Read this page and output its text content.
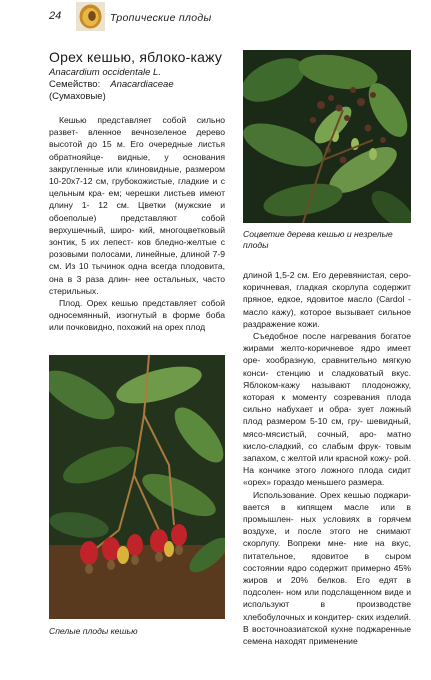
24	Тропические плоды
Орех кешью, яблоко-кажу
Anacardium occidentale L.
Семейство: Anacardiaceae
(Сумаховые)

Кешью представляет собой сильно развет- вленное вечнозеленое дерево высотой до 15 м. Его очередные листья обратнояйце- видные, у основания закругленные или клиновидные, размером 10-20х7-12 см, грубокожистые, гладкие и с цельным кра- ем; черешки листьев имеют длину 1- 12 см. Цветки (мужские и обоеполые)	представляют собой верхушечный, широ- кий, многоцветковый зонтик, 5 их лепест- ков бледно-желтые с розовыми полосами, линейные, длиной 7-9 см. Из 10 тычинок одна всегда плодовита, она в 3 раза длин- нее остальных, часто стерильных.

Плод. Орех кешью представляет собой односемянный, изогнутый в форме боба или почковидно, похожий на орех плод

Соцветие дерева кешью и незрелые плоды
Спелые плоды кешью

длиной 1,5-2 см. Его деревянистая, серо- коричневая, гладкая скорлупа содержит пряное, едкое, ядовитое масло (Cardol - масло кажу), которое вызывает сильное раздражение кожи.

Съедобное после нагревания богатое жирами желто-коричневое ядро имеет оре- хообразную, сравнительно мягкую конси- стенцию и сладковатый вкус. Яблоком-кажу называют плодоножку, которая к моменту созревания плода сильно набухает и обра- зует ложный плод размером 5-10 см, гру- шевидный, мясо-мясистый, сочный, аро- матно кисло-сладкий, со слабым фрук- товым запахом, с желтой или красной кожу- рой. На кончике этого ложного плода сидит «орех» гораздо меньшего размера.

Использование. Орех кешью поджари- вается в кипящем масле или в промышлен- ных условиях в горячем воздухе, и после этого не снимают скорлупу. Вопреки мне- ние на вкус, питательное, ядовитое в сыром состоянии ядро содержит примерно 45% жиров и 20% белков. Его едят в подсолен- ном или подслащенном виде и используют	в производстве хлебобулочных и кондитер- ских изделий. В восточноазиатской кухне поджаренные семена находят применение
